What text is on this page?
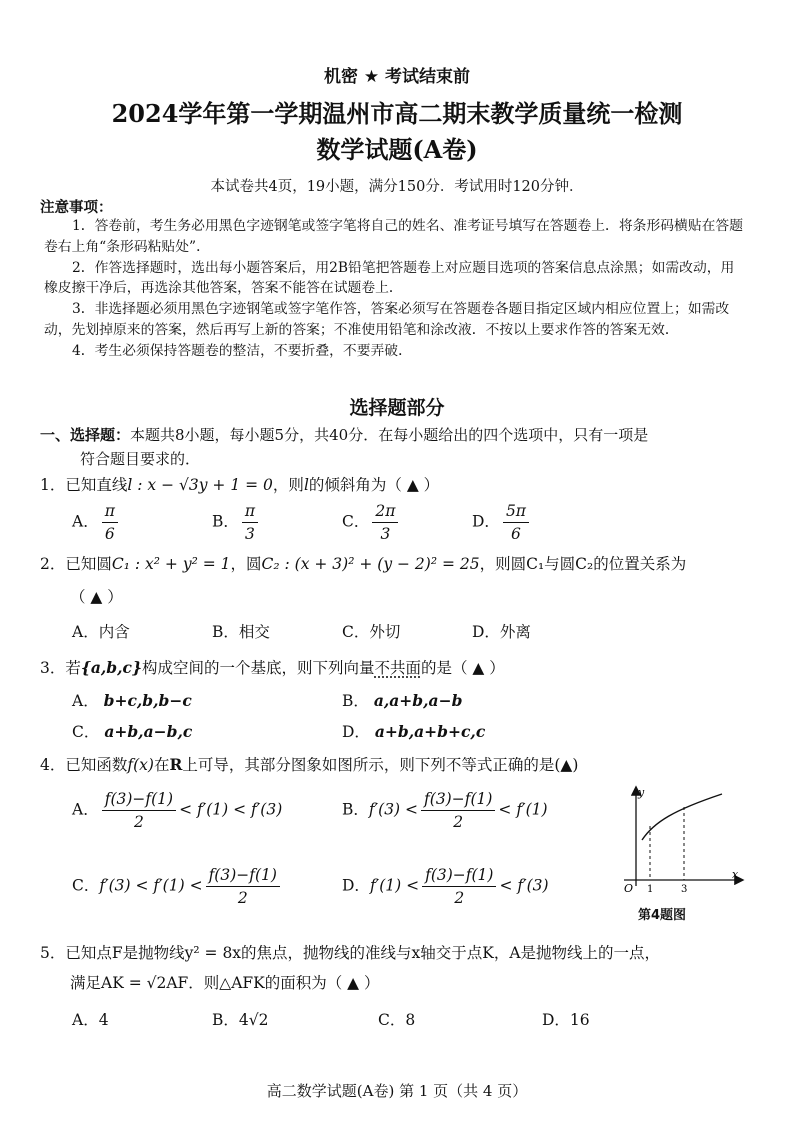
机密 ★ 考试结束前
2024学年第一学期温州市高二期末教学质量统一检测
数学试题(A卷)
本试卷共4页，19小题，满分150分．考试用时120分钟．
注意事项：

1．答卷前，考生务必用黑色字迹钢笔或签字笔将自己的姓名、准考证号填写在答题卷上．将条形码横贴在答题卷右上角“条形码粘贴处”．

2．作答选择题时，选出每小题答案后，用2B铅笔把答题卷上对应题目选项的答案信息点涂黑；如需改动，用橡皮擦干净后，再选涂其他答案，答案不能答在试题卷上．

3．非选择题必须用黑色字迹钢笔或签字笔作答，答案必须写在答题卷各题目指定区域内相应位置上；如需改动，先划掉原来的答案，然后再写上新的答案；不准使用铅笔和涂改液．不按以上要求作答的答案无效．

4．考生必须保持答题卷的整洁，不要折叠，不要弄破．

选择题部分
一、选择题：本题共8小题，每小题5分，共40分．在每小题给出的四个选项中，只有一项是
符合题目要求的．
1．已知直线l : x − √3y + 1 = 0，则l的倾斜角为（ ▲ ）
A． $\frac{\pi}{6}$	B． $\frac{\pi}{3}$	C． $\frac{2\pi}{3}$	D． $\frac{5\pi}{6}$
2．已知圆C₁ : x² + y² = 1，圆C₂ : (x + 3)² + (y − 2)² = 25，则圆C₁与圆C₂的位置关系为
（ ▲ ）
A．内含	B．相交	C．外切	D．外离
3．若{a,b,c}构成空间的一个基底，则下列向量不共面的是（ ▲ ）
A． b+c,b,b−c	B． a,a+b,a−b
C． a+b,a−b,c	D． a+b,a+b+c,c
4．已知函数f(x)在R上可导，其部分图象如图所示，则下列不等式正确的是(▲)
A． $\frac{f(3)-f(1)}{2} < f'(1) < f'(3)$	B．$f'(3) < \frac{f(3)-f(1)}{2} < f'(1)$
C．$f'(3) < f'(1) < \frac{f(3)-f(1)}{2}$	D．$f'(1) < \frac{f(3)-f(1)}{2} < f'(3)$
y
x
O 1	3
第4题图
5．已知点F是抛物线y² = 8x的焦点，抛物线的准线与x轴交于点K，A是抛物线上的一点，
满足AK = √2AF．则△AFK的面积为（ ▲ ）
A．4	B．4√2	C．8	D．16
高二数学试题(A卷) 第 1 页（共 4 页）
